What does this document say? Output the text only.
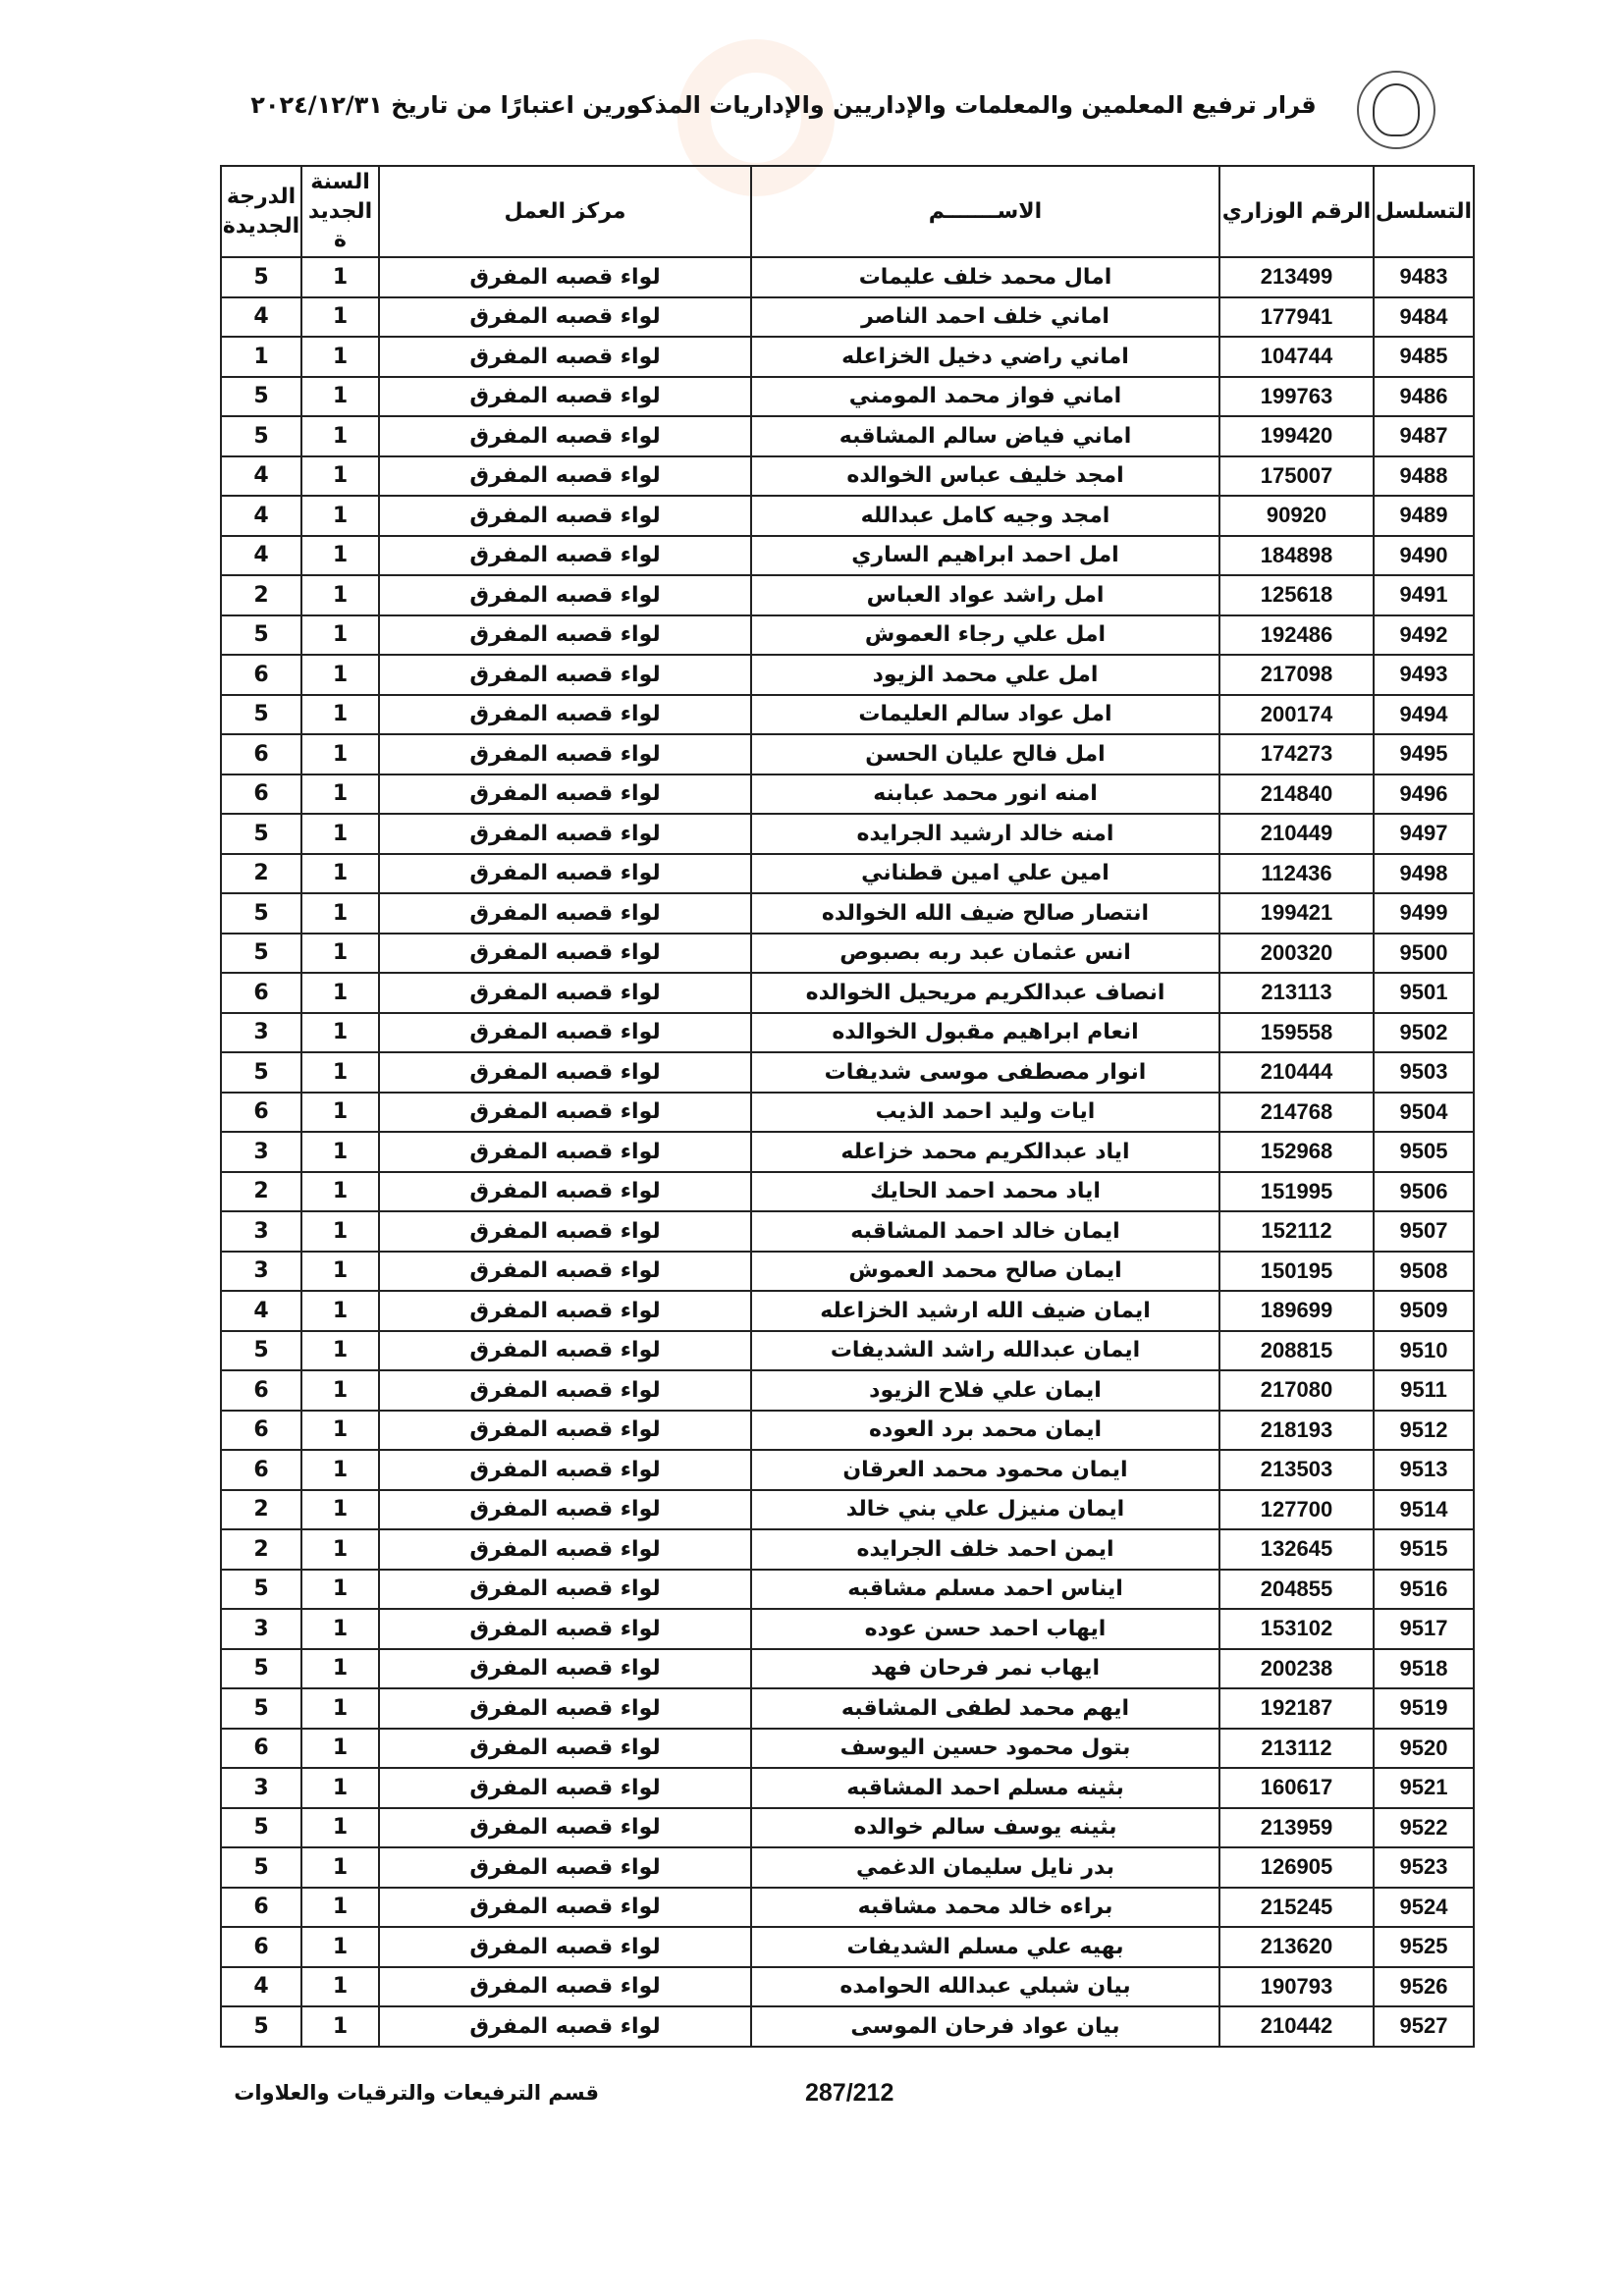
قرار ترفيع المعلمين والمعلمات والإداريين والإداريات المذكورين اعتبارًا من تاريخ ٢٠٢٤/١٢/٣١
التسلسل	الرقم الوزاري	الاســـــــم	مركز العمل	السنة الجديدة	الدرجة الجديدة
9483	213499	امال محمد خلف عليمات	لواء قصبه المفرق	1	5
9484	177941	اماني خلف احمد الناصر	لواء قصبه المفرق	1	4
9485	104744	اماني راضي دخيل الخزاعله	لواء قصبه المفرق	1	1
9486	199763	اماني فواز محمد المومني	لواء قصبه المفرق	1	5
9487	199420	اماني فياض سالم المشاقبه	لواء قصبه المفرق	1	5
9488	175007	امجد خليف عباس الخوالده	لواء قصبه المفرق	1	4
9489	90920	امجد وجيه كامل عبدالله	لواء قصبه المفرق	1	4
9490	184898	امل احمد ابراهيم الساري	لواء قصبه المفرق	1	4
9491	125618	امل راشد عواد العباس	لواء قصبه المفرق	1	2
9492	192486	امل علي رجاء العموش	لواء قصبه المفرق	1	5
9493	217098	امل علي محمد الزيود	لواء قصبه المفرق	1	6
9494	200174	امل عواد سالم العليمات	لواء قصبه المفرق	1	5
9495	174273	امل فالح عليان الحسن	لواء قصبه المفرق	1	6
9496	214840	امنه انور محمد عبابنه	لواء قصبه المفرق	1	6
9497	210449	امنه خالد ارشيد الجرايده	لواء قصبه المفرق	1	5
9498	112436	امين علي امين قطناني	لواء قصبه المفرق	1	2
9499	199421	انتصار صالح ضيف الله الخوالده	لواء قصبه المفرق	1	5
9500	200320	انس عثمان عبد ربه بصبوص	لواء قصبه المفرق	1	5
9501	213113	انصاف عبدالكريم مريحيل الخوالده	لواء قصبه المفرق	1	6
9502	159558	انعام ابراهيم مقبول الخوالده	لواء قصبه المفرق	1	3
9503	210444	انوار مصطفى موسى شديفات	لواء قصبه المفرق	1	5
9504	214768	ايات وليد احمد الذيب	لواء قصبه المفرق	1	6
9505	152968	اياد عبدالكريم محمد خزاعله	لواء قصبه المفرق	1	3
9506	151995	اياد محمد احمد الحايك	لواء قصبه المفرق	1	2
9507	152112	ايمان خالد احمد المشاقبه	لواء قصبه المفرق	1	3
9508	150195	ايمان صالح محمد العموش	لواء قصبه المفرق	1	3
9509	189699	ايمان ضيف الله ارشيد الخزاعله	لواء قصبه المفرق	1	4
9510	208815	ايمان عبدالله راشد الشديفات	لواء قصبه المفرق	1	5
9511	217080	ايمان علي فلاح الزيود	لواء قصبه المفرق	1	6
9512	218193	ايمان محمد برد العوده	لواء قصبه المفرق	1	6
9513	213503	ايمان محمود محمد العرقان	لواء قصبه المفرق	1	6
9514	127700	ايمان منيزل علي بني خالد	لواء قصبه المفرق	1	2
9515	132645	ايمن احمد خلف الجرايده	لواء قصبه المفرق	1	2
9516	204855	ايناس احمد مسلم مشاقبه	لواء قصبه المفرق	1	5
9517	153102	ايهاب احمد حسن عوده	لواء قصبه المفرق	1	3
9518	200238	ايهاب نمر فرحان فهد	لواء قصبه المفرق	1	5
9519	192187	ايهم محمد لطفى المشاقبه	لواء قصبه المفرق	1	5
9520	213112	بتول محمود حسين اليوسف	لواء قصبه المفرق	1	6
9521	160617	بثينه مسلم احمد المشاقبه	لواء قصبه المفرق	1	3
9522	213959	بثينه يوسف سالم خوالده	لواء قصبه المفرق	1	5
9523	126905	بدر نايل سليمان الدغمي	لواء قصبه المفرق	1	5
9524	215245	براءه خالد محمد مشاقبه	لواء قصبه المفرق	1	6
9525	213620	بهيه علي مسلم الشديفات	لواء قصبه المفرق	1	6
9526	190793	بيان شبلي عبدالله الحوامده	لواء قصبه المفرق	1	4
9527	210442	بيان عواد فرحان الموسى	لواء قصبه المفرق	1	5
287/212
قسم الترفيعات والترقيات والعلاوات
